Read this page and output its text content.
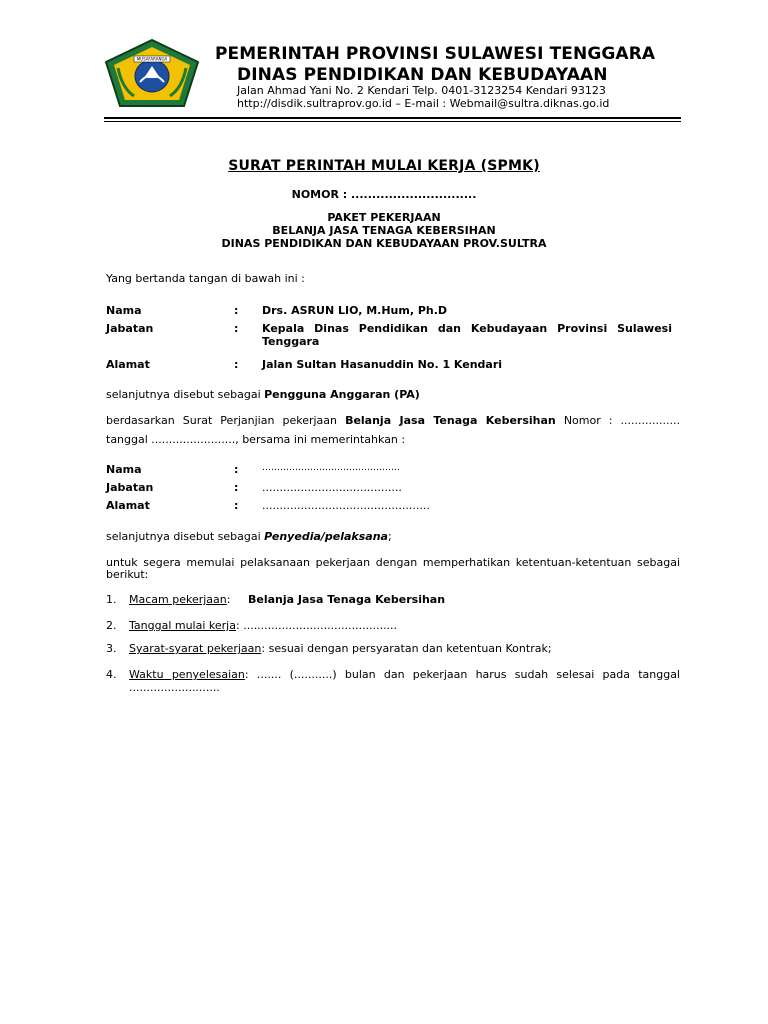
MUSAFARANGA	PEMERINTAH PROVINSI SULAWESI TENGGARA
DINAS PENDIDIKAN DAN KEBUDAYAAN
Jalan Ahmad Yani No. 2 Kendari Telp. 0401-3123254 Kendari 93123
http://disdik.sultraprov.go.id – E-mail : Webmail@sultra.diknas.go.id
SURAT PERINTAH MULAI KERJA (SPMK)
NOMOR : ..............................
PAKET PEKERJAAN
BELANJA JASA TENAGA KEBERSIHAN
DINAS PENDIDIKAN DAN KEBUDAYAAN PROV.SULTRA
Yang bertanda tangan di bawah ini :
Nama	: Drs. ASRUN LIO, M.Hum, Ph.D
Jabatan	: Kepala Dinas Pendidikan dan Kebudayaan Provinsi Sulawesi
Tenggara
Alamat	: Jalan Sultan Hasanuddin No. 1 Kendari
selanjutnya disebut sebagai Pengguna Anggaran (PA)
berdasarkan Surat Perjanjian pekerjaan Belanja Jasa Tenaga Kebersihan Nomor : .................
tanggal ........................, bersama ini memerintahkan :
Nama	:	……………………………………….
Jabatan	: ........................................
Alamat	: ................................................
selanjutnya disebut sebagai Penyedia/pelaksana;
untuk segera memulai pelaksanaan pekerjaan dengan memperhatikan ketentuan-ketentuan sebagai
berikut:
1. Macam pekerjaan: Belanja Jasa Tenaga Kebersihan
2. Tanggal mulai kerja: ............................................
3. Syarat-syarat pekerjaan: sesuai dengan persyaratan dan ketentuan Kontrak;
4. Waktu penyelesaian: ....... (...........) bulan dan pekerjaan harus sudah selesai pada tanggal
..........................
